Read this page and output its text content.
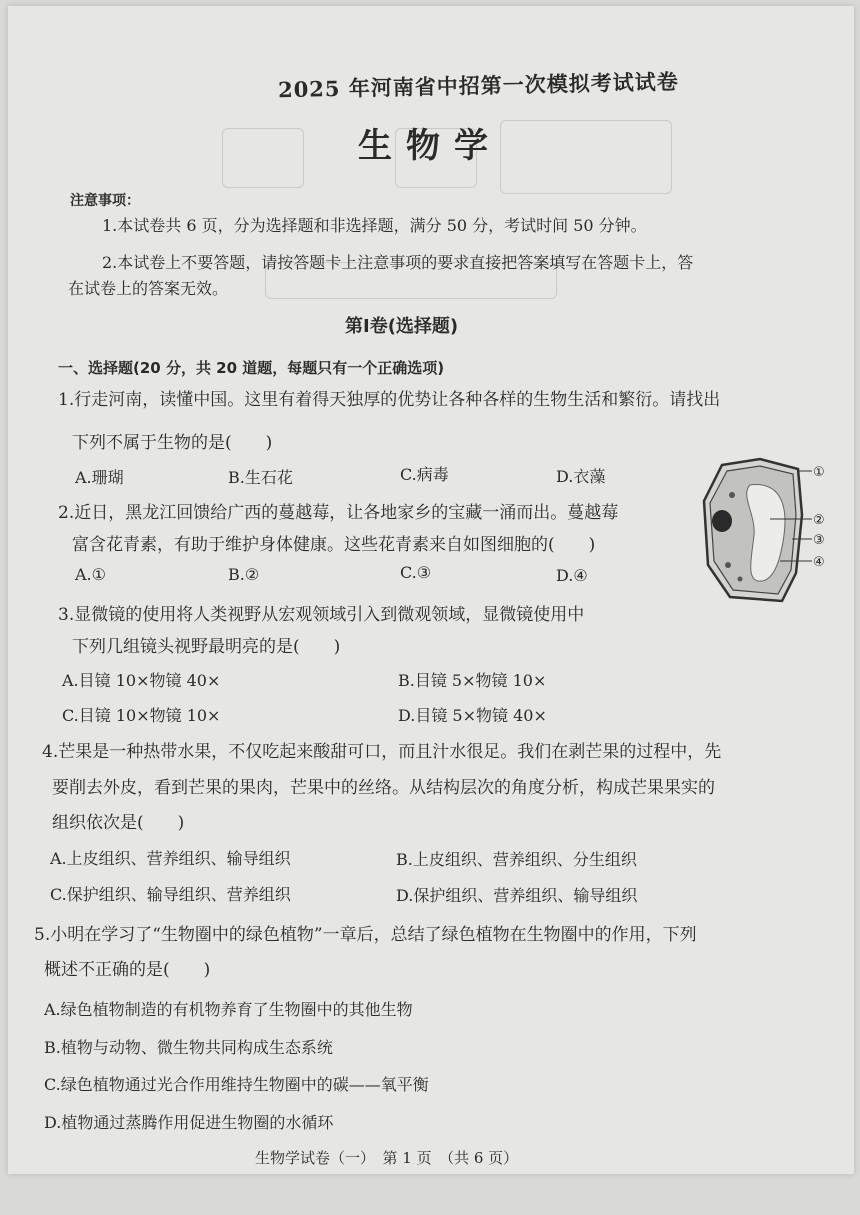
2025 年河南省中招第一次模拟考试试卷
生物学
注意事项：
1.本试卷共 6 页，分为选择题和非选择题，满分 50 分，考试时间 50 分钟。
2.本试卷上不要答题，请按答题卡上注意事项的要求直接把答案填写在答题卡上，答
在试卷上的答案无效。
第Ⅰ卷(选择题)
一、选择题(20 分，共 20 道题，每题只有一个正确选项)
1.行走河南，读懂中国。这里有着得天独厚的优势让各种各样的生物生活和繁衍。请找出
下列不属于生物的是(　　)
A.珊瑚	B.生石花	C.病毒	D.衣藻
2.近日，黑龙江回馈给广西的蔓越莓，让各地家乡的宝藏一涌而出。蔓越莓
富含花青素，有助于维护身体健康。这些花青素来自如图细胞的(　　)
A.①	B.②	C.③	D.④
①
②
③
④
3.显微镜的使用将人类视野从宏观领域引入到微观领域，显微镜使用中
下列几组镜头视野最明亮的是(　　)
A.目镜 10×物镜 40×	B.目镜 5×物镜 10×
C.目镜 10×物镜 10×	D.目镜 5×物镜 40×
4.芒果是一种热带水果，不仅吃起来酸甜可口，而且汁水很足。我们在剥芒果的过程中，先
要削去外皮，看到芒果的果肉，芒果中的丝络。从结构层次的角度分析，构成芒果果实的
组织依次是(　　)
A.上皮组织、营养组织、输导组织	B.上皮组织、营养组织、分生组织
C.保护组织、输导组织、营养组织	D.保护组织、营养组织、输导组织
5.小明在学习了“生物圈中的绿色植物”一章后，总结了绿色植物在生物圈中的作用，下列
概述不正确的是(　　)
A.绿色植物制造的有机物养育了生物圈中的其他生物
B.植物与动物、微生物共同构成生态系统
C.绿色植物通过光合作用维持生物圈中的碳——氧平衡
D.植物通过蒸腾作用促进生物圈的水循环
生物学试卷（一）　第 1 页　（共 6 页）
